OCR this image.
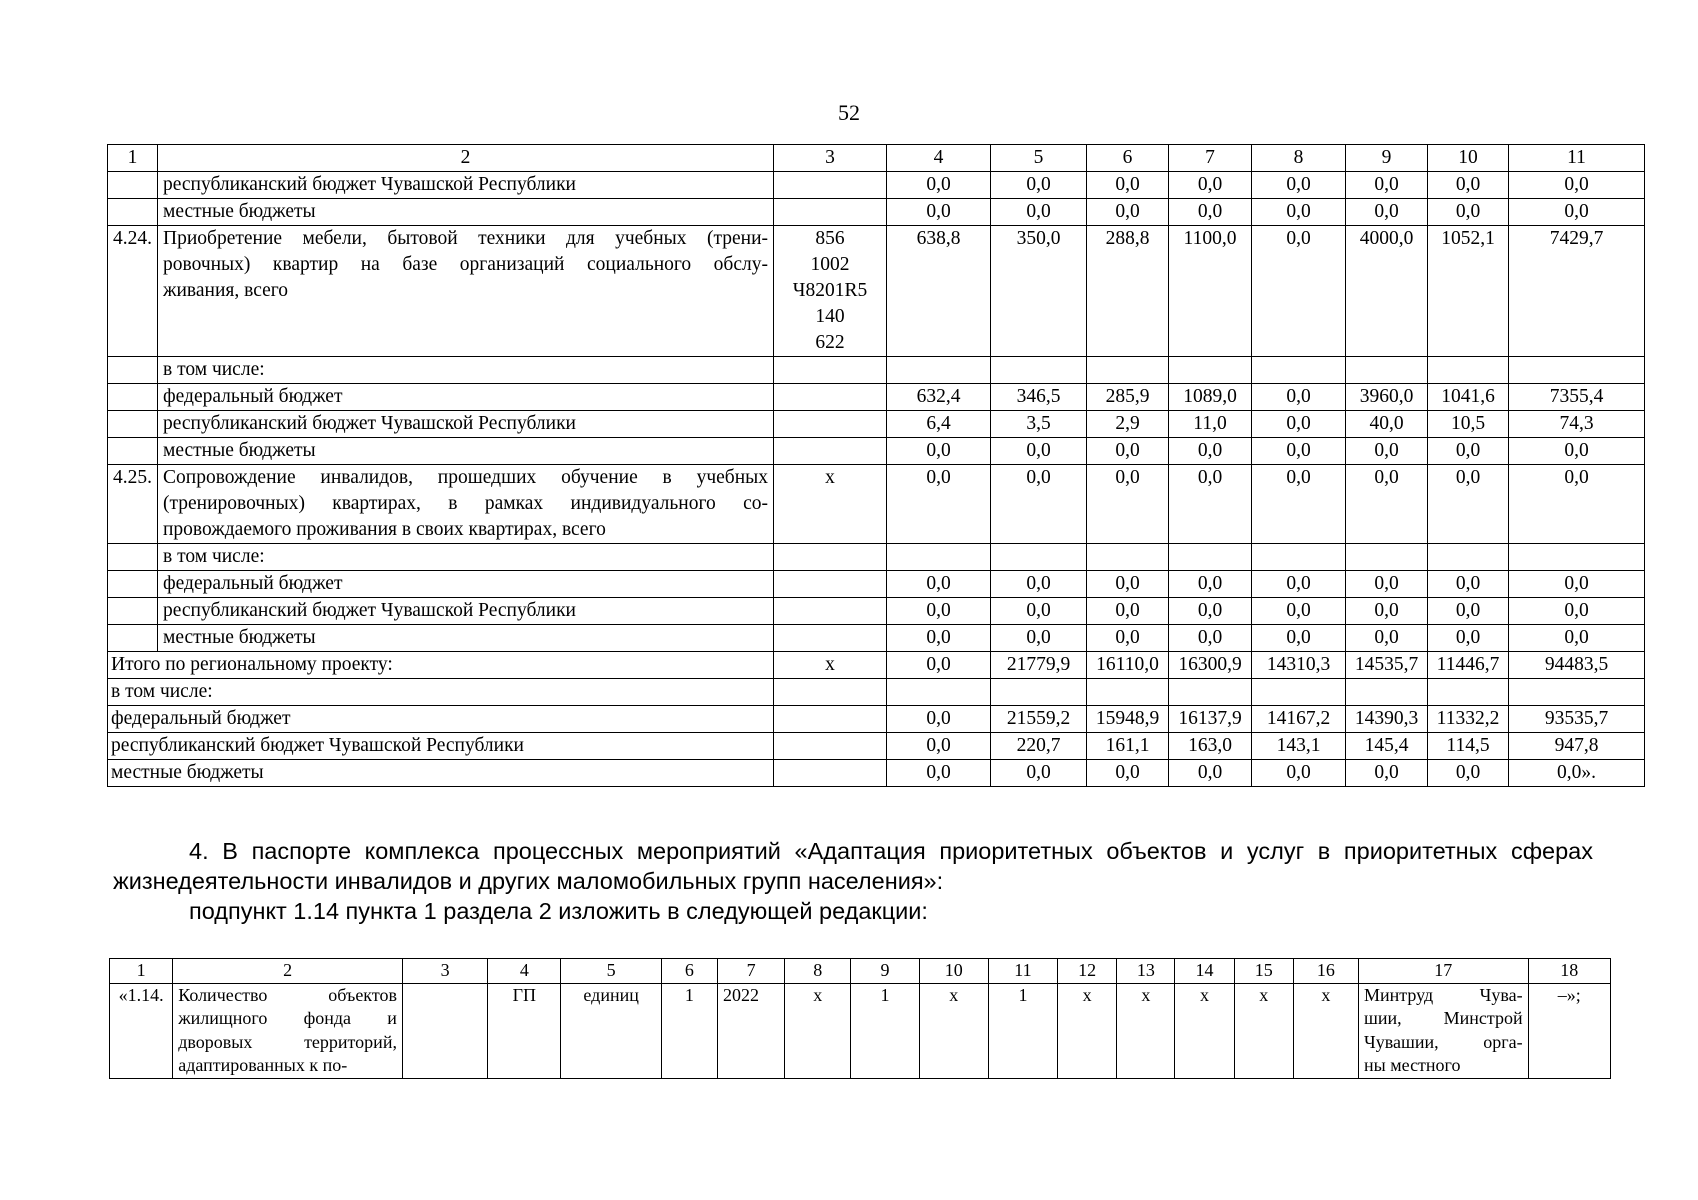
52
1	2	3	4	5	6	7	8	9	10	11

	республиканский бюджет Чувашской Республики		0,0	0,0	0,0	0,0	0,0	0,0	0,0	0,0

	местные бюджеты		0,0	0,0	0,0	0,0	0,0	0,0	0,0	0,0
4.24.	Приобретение мебели, бытовой техники для учебных (трени-
ровочных) квартир на базе организаций социального обслу-
живания, всего	856
1002
Ч8201R5
140
622	638,8	350,0	288,8	1100,0	0,0	4000,0	1052,1	7429,7

	в том числе:									

	федеральный бюджет		632,4	346,5	285,9	1089,0	0,0	3960,0	1041,6	7355,4

	республиканский бюджет Чувашской Республики		6,4	3,5	2,9	11,0	0,0	40,0	10,5	74,3

	местные бюджеты		0,0	0,0	0,0	0,0	0,0	0,0	0,0	0,0
4.25.	Сопровождение инвалидов, прошедших обучение в учебных
(тренировочных) квартирах, в рамках индивидуального со-
провождаемого проживания в своих квартирах, всего	х	0,0	0,0	0,0	0,0	0,0	0,0	0,0	0,0

	в том числе:									

	федеральный бюджет		0,0	0,0	0,0	0,0	0,0	0,0	0,0	0,0

	республиканский бюджет Чувашской Республики		0,0	0,0	0,0	0,0	0,0	0,0	0,0	0,0

	местные бюджеты		0,0	0,0	0,0	0,0	0,0	0,0	0,0	0,0
Итого по региональному проекту:		х	0,0	21779,9	16110,0	16300,9	14310,3	14535,7	11446,7	94483,5
в том числе:										
федеральный бюджет			0,0	21559,2	15948,9	16137,9	14167,2	14390,3	11332,2	93535,7
республиканский бюджет Чувашской Республики			0,0	220,7	161,1	163,0	143,1	145,4	114,5	947,8
местные бюджеты			0,0	0,0	0,0	0,0	0,0	0,0	0,0	0,0».
4. В паспорте комплекса процессных мероприятий «Адаптация приоритетных объектов и услуг в приоритетных сферах жизнедеятельности инвалидов и других маломобильных групп населения»:
подпункт 1.14 пункта 1 раздела 2 изложить в следующей редакции:
1	2	3	4	5	6	7	8	9	10	11	12	13	14	15	16	17	18
«1.14.	Количество объектов
жилищного фонда и
дворовых территорий,
адаптированных к по-		ГП	единиц	1	2022	х	1	х	1	х	х	х	х	х	Минтруд Чува-
шии, Минстрой
Чувашии, орга-
ны местного	–»;
